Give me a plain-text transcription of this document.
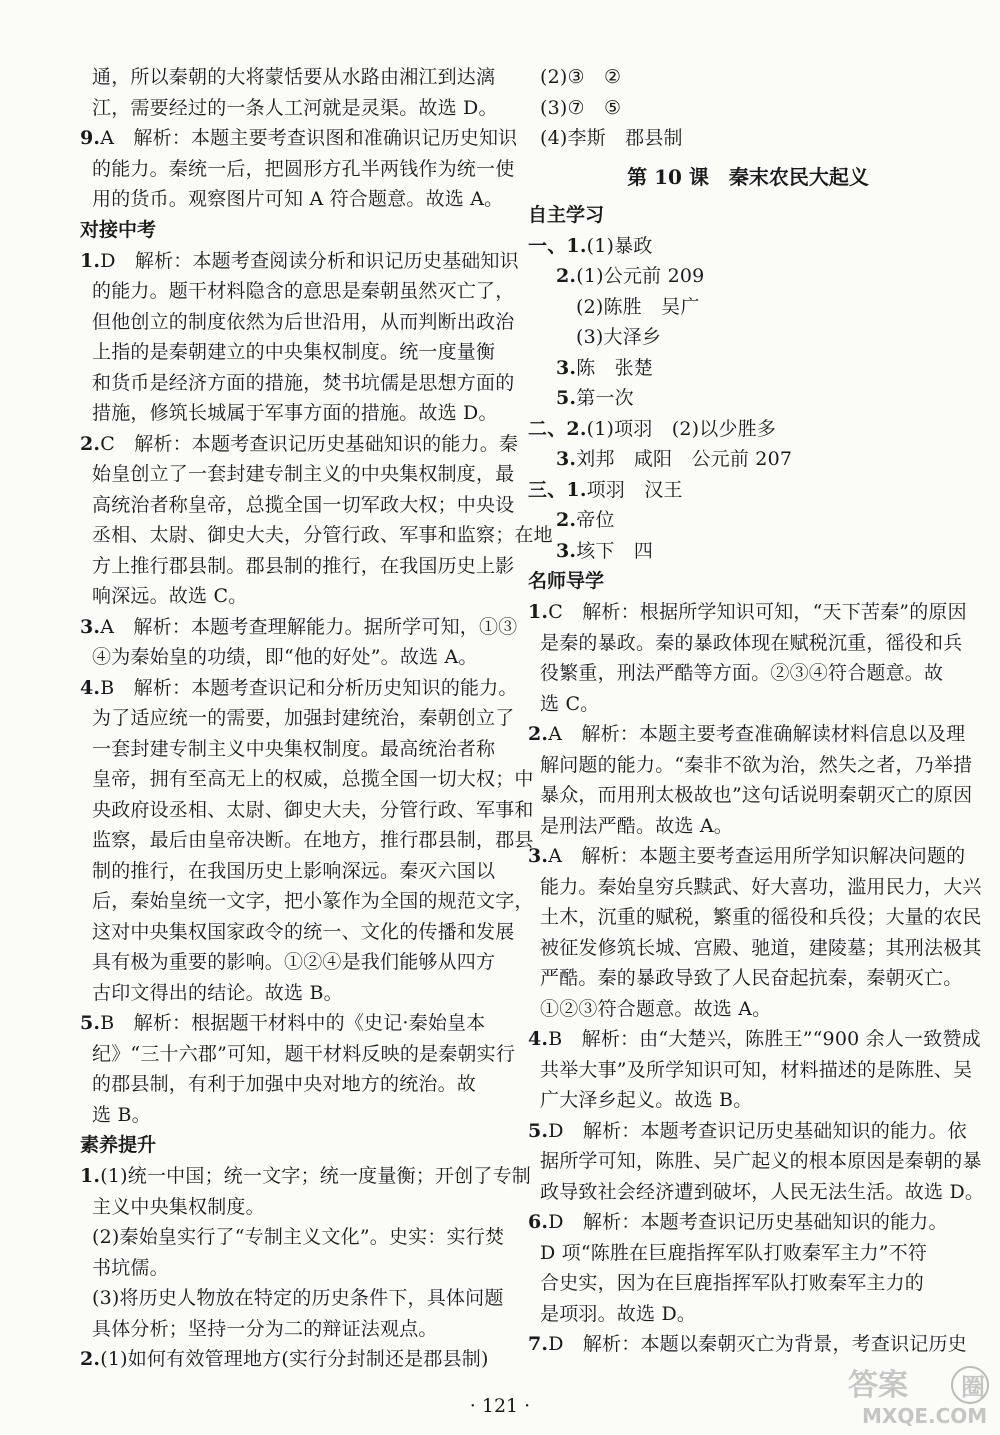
通，所以秦朝的大将蒙恬要从水路由湘江到达漓
江，需要经过的一条人工河就是灵渠。故选 D。
9.A　解析：本题主要考查识图和准确识记历史知识
的能力。秦统一后，把圆形方孔半两钱作为统一使
用的货币。观察图片可知 A 符合题意。故选 A。
对接中考
1.D　解析：本题考查阅读分析和识记历史基础知识
的能力。题干材料隐含的意思是秦朝虽然灭亡了，
但他创立的制度依然为后世沿用，从而判断出政治
上指的是秦朝建立的中央集权制度。统一度量衡
和货币是经济方面的措施，焚书坑儒是思想方面的
措施，修筑长城属于军事方面的措施。故选 D。
2.C　解析：本题考查识记历史基础知识的能力。秦
始皇创立了一套封建专制主义的中央集权制度，最
高统治者称皇帝，总揽全国一切军政大权；中央设
丞相、太尉、御史大夫，分管行政、军事和监察；在地
方上推行郡县制。郡县制的推行，在我国历史上影
响深远。故选 C。
3.A　解析：本题考查理解能力。据所学可知，①③
④为秦始皇的功绩，即“他的好处”。故选 A。
4.B　解析：本题考查识记和分析历史知识的能力。
为了适应统一的需要，加强封建统治，秦朝创立了
一套封建专制主义中央集权制度。最高统治者称
皇帝，拥有至高无上的权威，总揽全国一切大权；中
央政府设丞相、太尉、御史大夫，分管行政、军事和
监察，最后由皇帝决断。在地方，推行郡县制，郡县
制的推行，在我国历史上影响深远。秦灭六国以
后，秦始皇统一文字，把小篆作为全国的规范文字，
这对中央集权国家政令的统一、文化的传播和发展
具有极为重要的影响。①②④是我们能够从四方
古印文得出的结论。故选 B。
5.B　解析：根据题干材料中的《史记·秦始皇本
纪》“三十六郡”可知，题干材料反映的是秦朝实行
的郡县制，有利于加强中央对地方的统治。故
选 B。
素养提升
1.(1)统一中国；统一文字；统一度量衡；开创了专制
主义中央集权制度。
(2)秦始皇实行了“专制主义文化”。史实：实行焚
书坑儒。
(3)将历史人物放在特定的历史条件下，具体问题
具体分析；坚持一分为二的辩证法观点。
2.(1)如何有效管理地方(实行分封制还是郡县制)
(2)③　②
(3)⑦　⑤
(4)李斯　郡县制
第 10 课　秦末农民大起义
自主学习
一、1.(1)暴政
2.(1)公元前 209
(2)陈胜　吴广
(3)大泽乡
3.陈　张楚
5.第一次
二、2.(1)项羽　(2)以少胜多
3.刘邦　咸阳　公元前 207
三、1.项羽　汉王
2.帝位
3.垓下　四
名师导学
1.C　解析：根据所学知识可知，“天下苦秦”的原因
是秦的暴政。秦的暴政体现在赋税沉重，徭役和兵
役繁重，刑法严酷等方面。②③④符合题意。故
选 C。
2.A　解析：本题主要考查准确解读材料信息以及理
解问题的能力。“秦非不欲为治，然失之者，乃举措
暴众，而用刑太极故也”这句话说明秦朝灭亡的原因
是刑法严酷。故选 A。
3.A　解析：本题主要考查运用所学知识解决问题的
能力。秦始皇穷兵黩武、好大喜功，滥用民力，大兴
土木，沉重的赋税，繁重的徭役和兵役；大量的农民
被征发修筑长城、宫殿、驰道，建陵墓；其刑法极其
严酷。秦的暴政导致了人民奋起抗秦，秦朝灭亡。
①②③符合题意。故选 A。
4.B　解析：由“大楚兴，陈胜王”“900 余人一致赞成
共举大事”及所学知识可知，材料描述的是陈胜、吴
广大泽乡起义。故选 B。
5.D　解析：本题考查识记历史基础知识的能力。依
据所学可知，陈胜、吴广起义的根本原因是秦朝的暴
政导致社会经济遭到破坏，人民无法生活。故选 D。
6.D　解析：本题考查识记历史基础知识的能力。
D 项“陈胜在巨鹿指挥军队打败秦军主力”不符
合史实，因为在巨鹿指挥军队打败秦军主力的
是项羽。故选 D。
7.D　解析：本题以秦朝灭亡为背景，考查识记历史
· 121 ·
答案 圈
MXQE.COM
